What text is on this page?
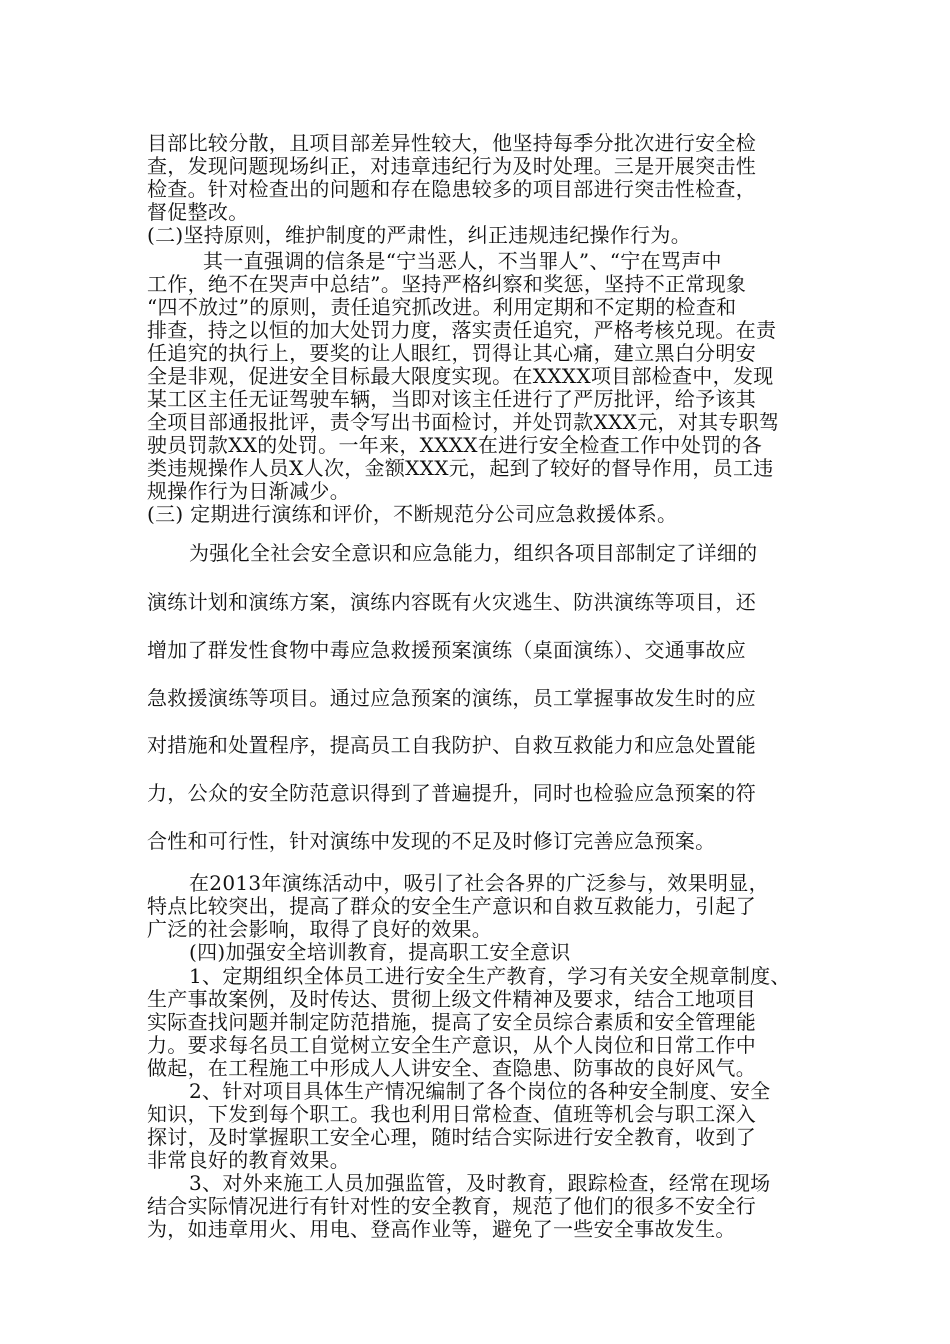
目部比较分散，且项目部差异性较大，他坚持每季分批次进行安全检
查，发现问题现场纠正，对违章违纪行为及时处理。三是开展突击性
检查。针对检查出的问题和存在隐患较多的项目部进行突击性检查，
督促整改。
(二)坚持原则，维护制度的严肃性，纠正违规违纪操作行为。
其一直强调的信条是“宁当恶人，不当罪人”、“宁在骂声中
工作，绝不在哭声中总结”。坚持严格纠察和奖惩，坚持不正常现象
“四不放过”的原则，责任追究抓改进。利用定期和不定期的检查和
排查，持之以恒的加大处罚力度，落实责任追究，严格考核兑现。在责
任追究的执行上，要奖的让人眼红，罚得让其心痛，建立黑白分明安
全是非观，促进安全目标最大限度实现。在XXXX项目部检查中，发现
某工区主任无证驾驶车辆，当即对该主任进行了严厉批评，给予该其
全项目部通报批评，责令写出书面检讨，并处罚款XXX元，对其专职驾
驶员罚款XX的处罚。一年来，XXXX在进行安全检查工作中处罚的各
类违规操作人员X人次，金额XXX元，起到了较好的督导作用，员工违
规操作行为日渐减少。
(三) 定期进行演练和评价，不断规范分公司应急救援体系。
为强化全社会安全意识和应急能力，组织各项目部制定了详细的
演练计划和演练方案，演练内容既有火灾逃生、防洪演练等项目，还
增加了群发性食物中毒应急救援预案演练（桌面演练）、交通事故应
急救援演练等项目。通过应急预案的演练，员工掌握事故发生时的应
对措施和处置程序，提高员工自我防护、自救互救能力和应急处置能
力，公众的安全防范意识得到了普遍提升，同时也检验应急预案的符
合性和可行性，针对演练中发现的不足及时修订完善应急预案。
在2013年演练活动中，吸引了社会各界的广泛参与，效果明显，
特点比较突出，提高了群众的安全生产意识和自救互救能力，引起了
广泛的社会影响，取得了良好的效果。
(四)加强安全培训教育，提高职工安全意识
1、定期组织全体员工进行安全生产教育，学习有关安全规章制度、
生产事故案例，及时传达、贯彻上级文件精神及要求，结合工地项目
实际查找问题并制定防范措施，提高了安全员综合素质和安全管理能
力。要求每名员工自觉树立安全生产意识，从个人岗位和日常工作中
做起，在工程施工中形成人人讲安全、查隐患、防事故的良好风气。
2、针对项目具体生产情况编制了各个岗位的各种安全制度、安全
知识，下发到每个职工。我也利用日常检查、值班等机会与职工深入
探讨，及时掌握职工安全心理，随时结合实际进行安全教育，收到了
非常良好的教育效果。
3、对外来施工人员加强监管，及时教育，跟踪检查，经常在现场
结合实际情况进行有针对性的安全教育，规范了他们的很多不安全行
为，如违章用火、用电、登高作业等，避免了一些安全事故发生。
